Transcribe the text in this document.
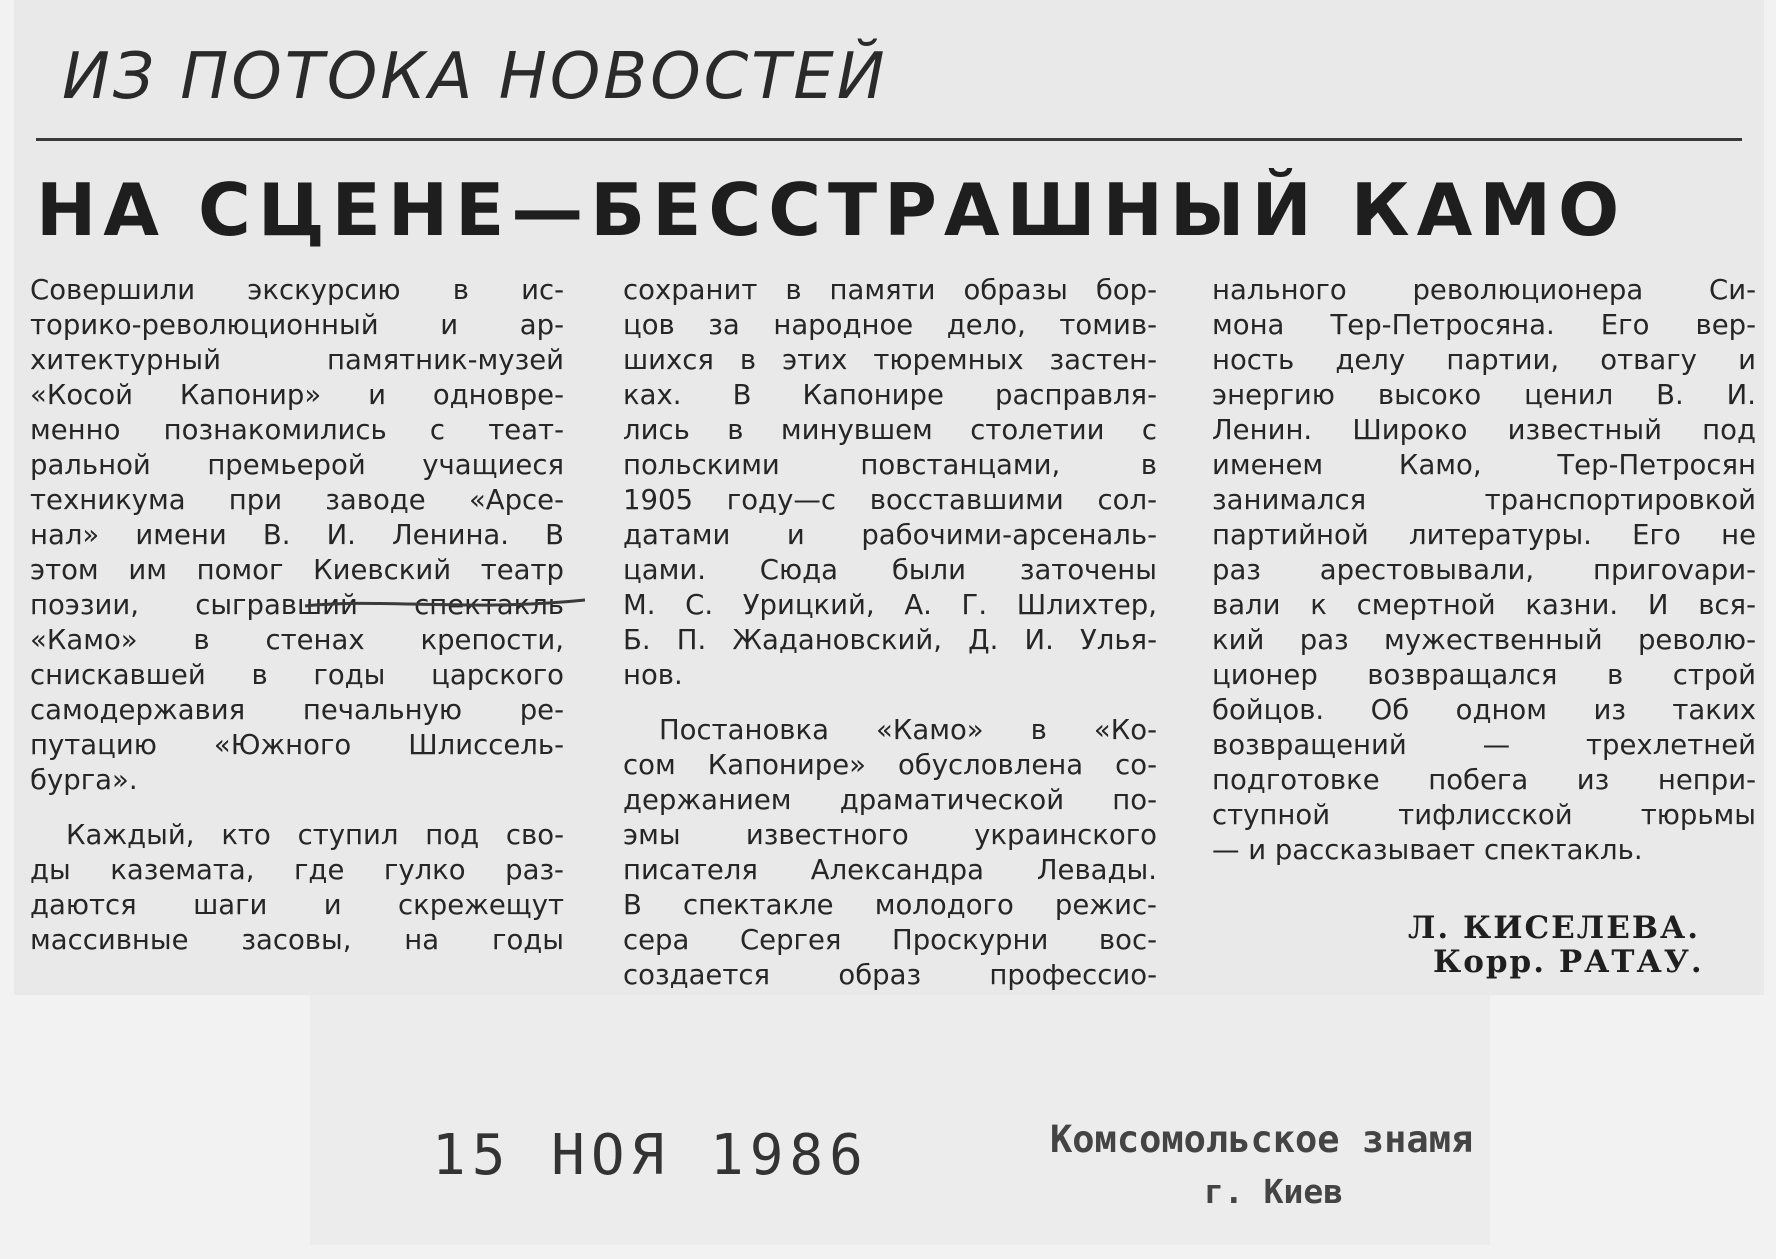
ИЗ ПОТОКА НОВОСТЕЙ
НА СЦЕНЕ—БЕССТРАШНЫЙ КАМО
Совершили экскурсию в ис-
торико-революционный и ар-
хитектурный памятник-музей
«Косой Капонир» и одновре-
менно познакомились с теат-
ральной премьерой учащиеся
техникума при заводе «Арсе-
нал» имени В. И. Ленина. В
этом им помог Киевский театр
поэзии, сыгравший спектакль
«Камо» в стенах крепости,
снискавшей в годы царского
самодержавия печальную ре-
путацию «Южного Шлиссель-
бурга».
Каждый, кто ступил под сво-
ды каземата, где гулко раз-
даются шаги и скрежещут
массивные засовы, на годы
сохранит в памяти образы бор-
цов за народное дело, томив-
шихся в этих тюремных застен-
ках. В Капонире расправля-
лись в минувшем столетии с
польскими повстанцами, в
1905 году—с восставшими сол-
датами и рабочими-арсеналь-
цами. Сюда были заточены
М. С. Урицкий, А. Г. Шлихтер,
Б. П. Жадановский, Д. И. Улья-
нов.
Постановка «Камо» в «Ко-
сом Капонире» обусловлена со-
держанием драматической по-
эмы известного украинского
писателя Александра Левады.
В спектакле молодого режис-
сера Сергея Проскурни вос-
создается образ профессио-
нального революционера Си-
мона Тер-Петросяна. Его вер-
ность делу партии, отвагу и
энергию высоко ценил В. И.
Ленин. Широко известный под
именем Камо, Тер-Петросян
занимался транспортировкой
партийной литературы. Его не
раз арестовывали, пригovари-
вали к смертной казни. И вся-
кий раз мужественный револю-
ционер возвращался в строй
бойцов. Об одном из таких
возвращений — трехлетней
подготовке побега из непри-
ступной тифлисской тюрьмы
— и рассказывает спектакль.
Л. КИСЕЛЕВА.
Корр. РАТАУ.
15 НОЯ 1986	Комсомольское знамя
г. Киев
